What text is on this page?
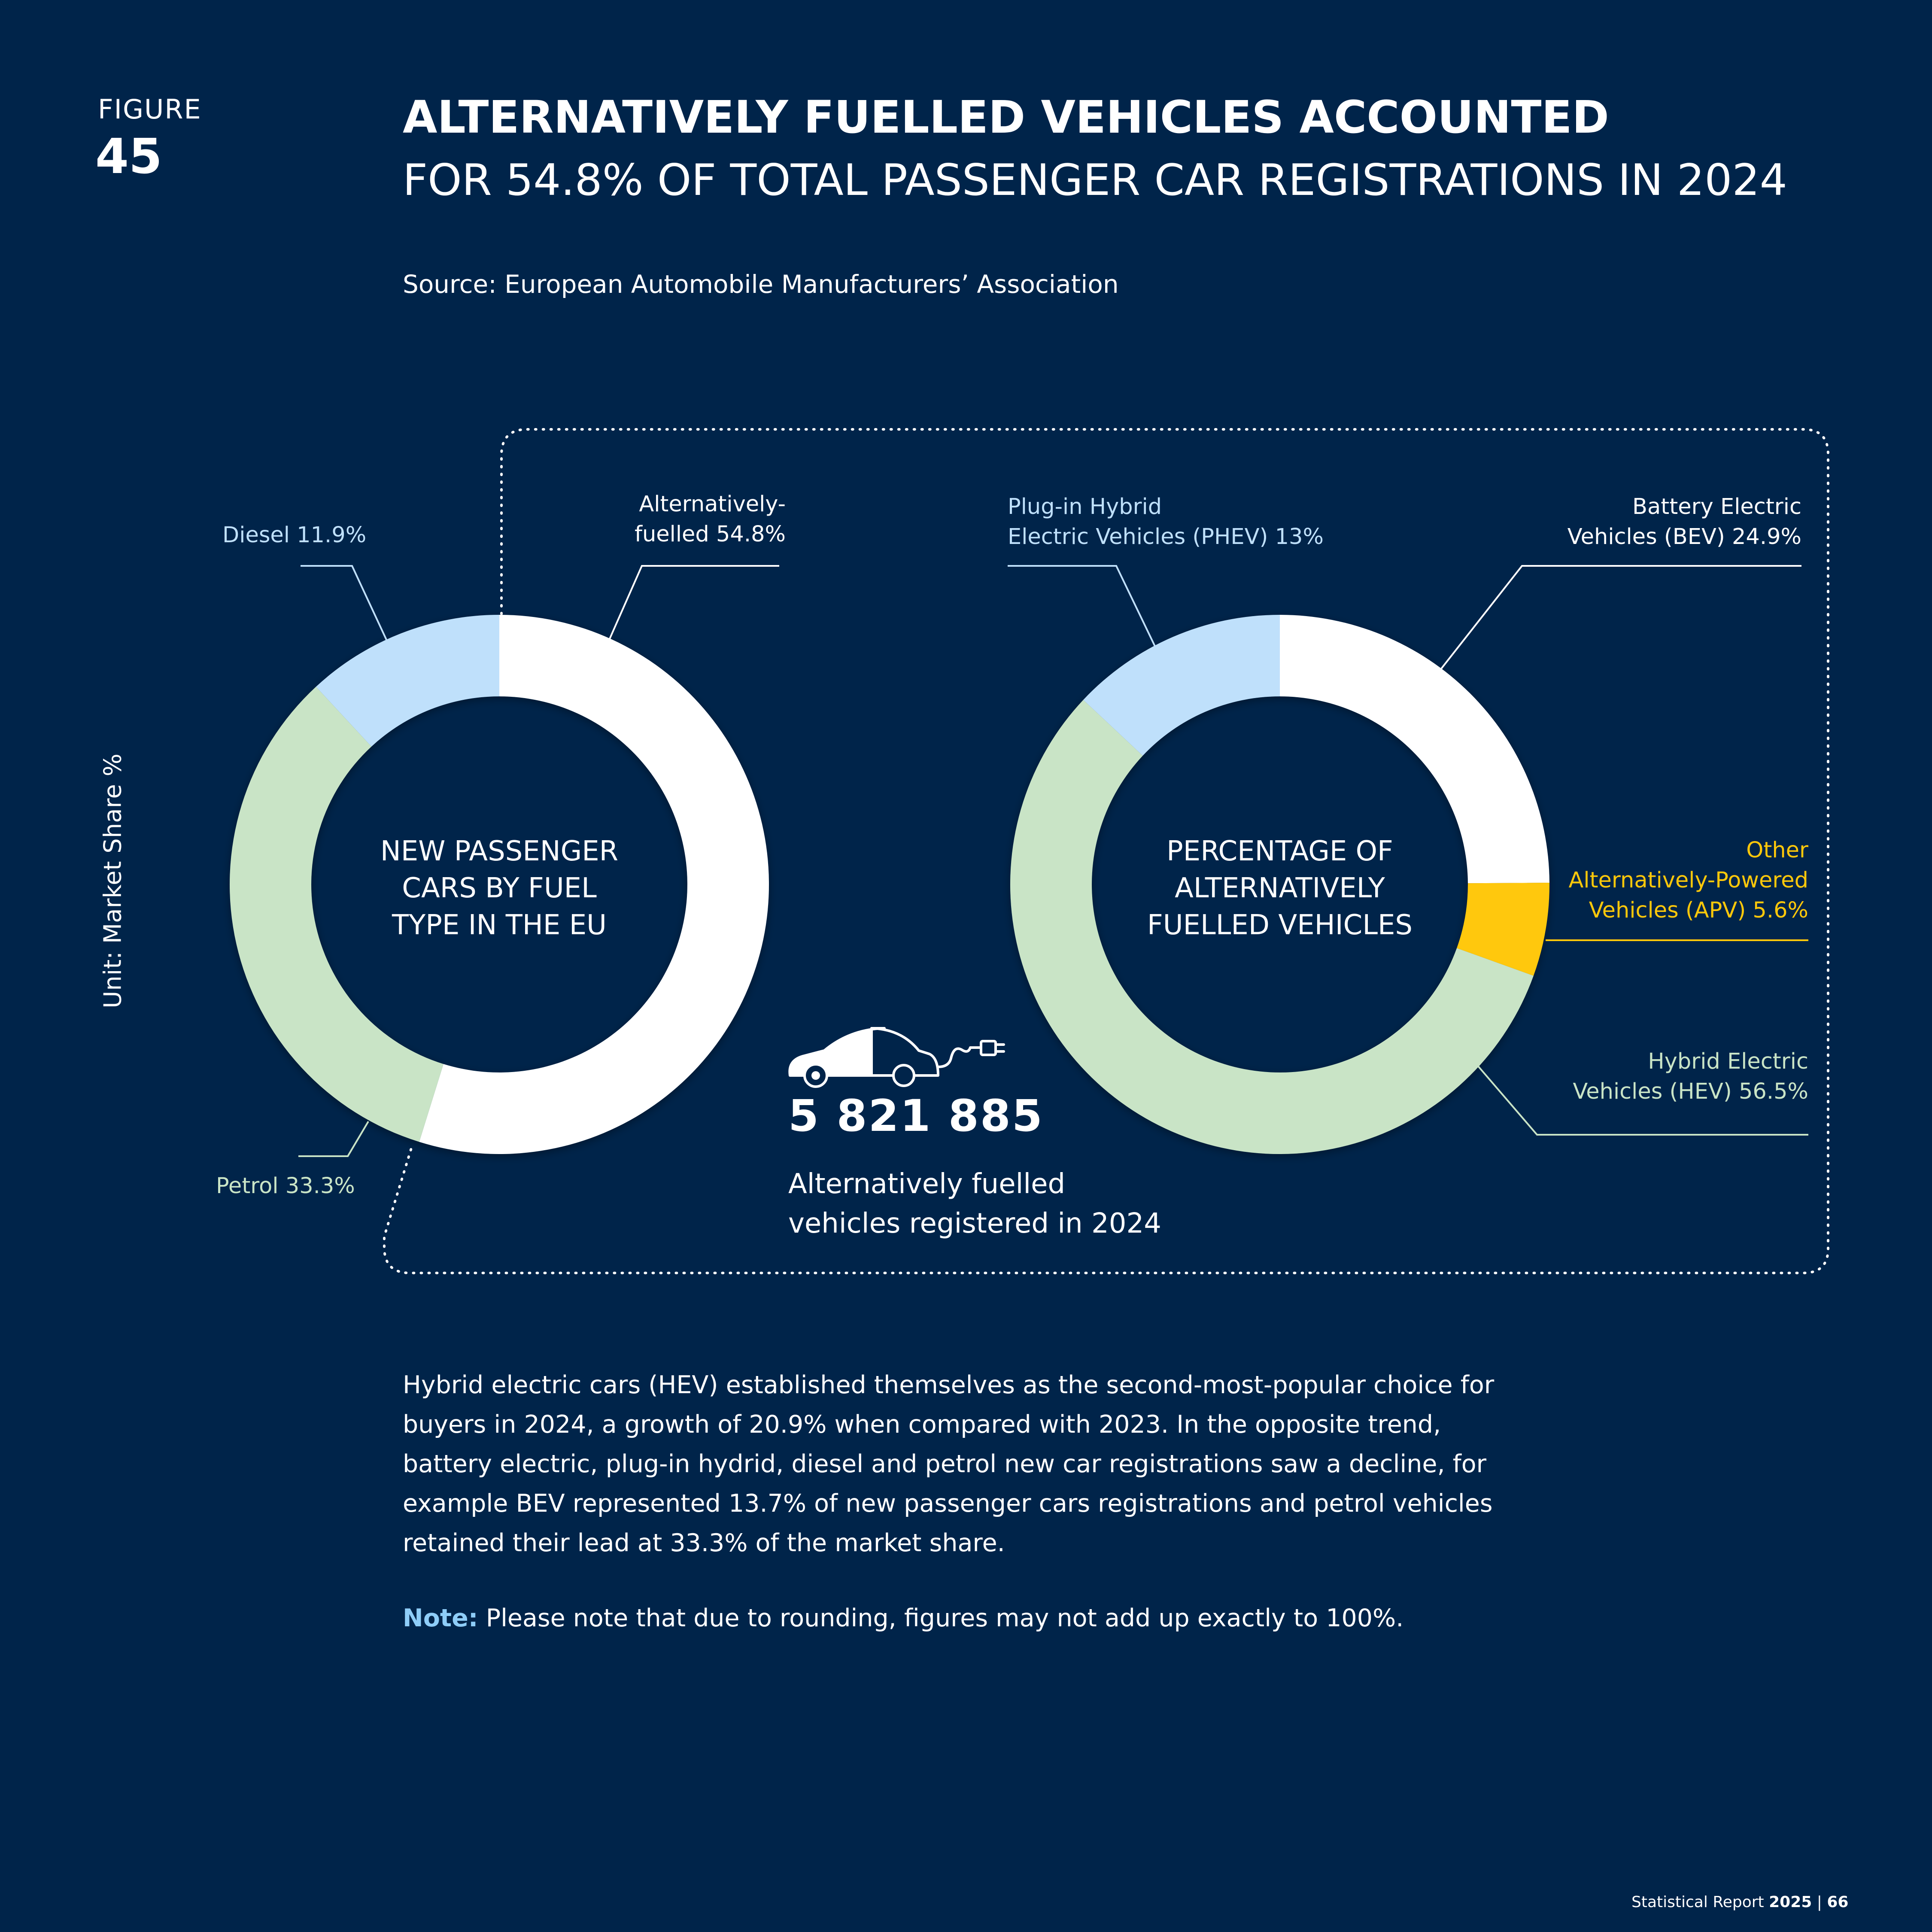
FIGURE
45
ALTERNATIVELY FUELLED VEHICLES ACCOUNTED
FOR 54.8% OF TOTAL PASSENGER CAR REGISTRATIONS IN 2024
Source: European Automobile Manufacturers’ Association
Unit: Market Share %	NEW PASSENGER
CARS BY FUEL
TYPE IN THE EU
PERCENTAGE OF
ALTERNATIVELY
FUELLED VEHICLES
Alternatively-
fuelled 54.8%
Diesel 11.9%
Petrol 33.3%
Plug-in Hybrid
Electric Vehicles (PHEV) 13%
Battery Electric
Vehicles (BEV) 24.9%
Other
Alternatively-Powered
Vehicles (APV) 5.6%
Hybrid Electric
Vehicles (HEV) 56.5%
5 821 885
Alternatively fuelled
vehicles registered in 2024
Hybrid electric cars (HEV) established themselves as the second-most-popular choice for buyers in 2024, a growth of 20.9% when compared with 2023. In the opposite trend, battery electric, plug-in hydrid, diesel and petrol new car registrations saw a decline, for example BEV represented 13.7% of new passenger cars registrations and petrol vehicles retained their lead at 33.3% of the market share.
Note: Please note that due to rounding, figures may not add up exactly to 100%.
Statistical Report 2025 | 66
